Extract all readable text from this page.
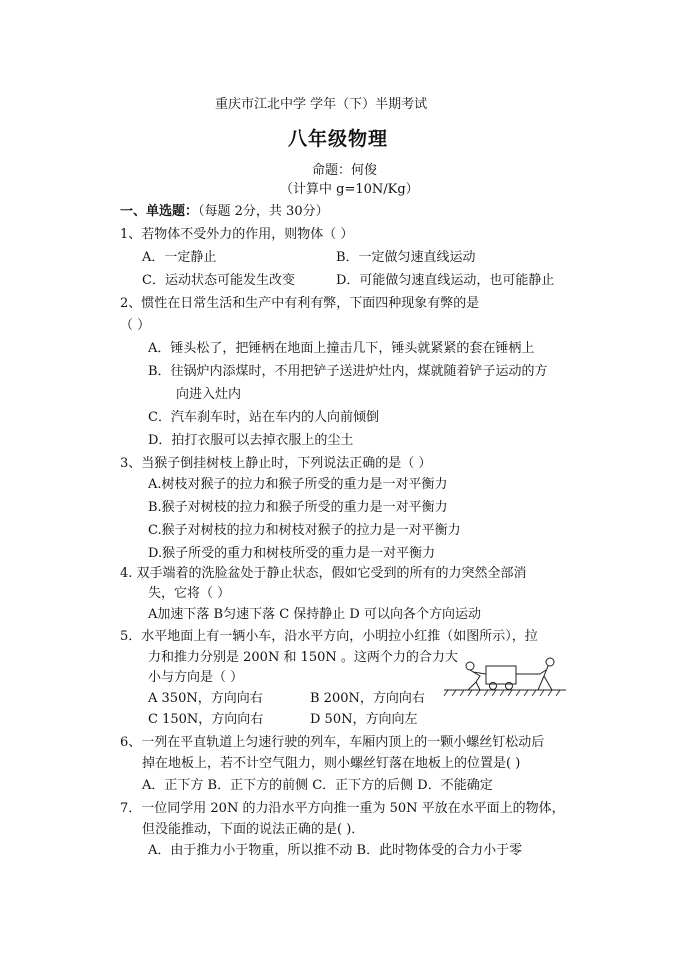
重庆市江北中学 学年（下）半期考试
八年级物理
命题：何俊
（计算中 g=10N/Kg）
一、单选题：（每题 2分，共 30分）
1、若物体不受外力的作用，则物体（ ）
A．一定静止	B．一定做匀速直线运动
C．运动状态可能发生改变	D．可能做匀速直线运动，也可能静止
2、惯性在日常生活和生产中有利有弊，下面四种现象有弊的是
（ ）
A．锤头松了，把锤柄在地面上撞击几下，锤头就紧紧的套在锤柄上
B．往锅炉内添煤时，不用把铲子送进炉灶内，煤就随着铲子运动的方
向进入灶内
C．汽车刹车时，站在车内的人向前倾倒
D．拍打衣服可以去掉衣服上的尘土
3、当猴子倒挂树枝上静止时，下列说法正确的是（ ）
A.树枝对猴子的拉力和猴子所受的重力是一对平衡力
B.猴子对树枝的拉力和猴子所受的重力是一对平衡力
C.猴子对树枝的拉力和树枝对猴子的拉力是一对平衡力
D.猴子所受的重力和树枝所受的重力是一对平衡力
4. 双手端着的洗脸盆处于静止状态，假如它受到的所有的力突然全部消
失，它将（ ）
A加速下落 B匀速下落 C 保持静止 D 可以向各个方向运动
5．水平地面上有一辆小车，沿水平方向，小明拉小红推（如图所示），拉
力和推力分别是 200N 和 150N 。这两个力的合力大
小与方向是（ ）
A 350N，方向向右	B 200N，方向向右
C 150N，方向向右	D 50N，方向向左
6、一列在平直轨道上匀速行驶的列车，车厢内顶上的一颗小螺丝钉松动后
掉在地板上，若不计空气阻力，则小螺丝钉落在地板上的位置是( )
A．正下方 B．正下方的前侧 C．正下方的后侧 D．不能确定
7．一位同学用 20N 的力沿水平方向推一重为 50N 平放在水平面上的物体，
但没能推动，下面的说法正确的是( )．
A．由于推力小于物重，所以推不动 B．此时物体受的合力小于零
